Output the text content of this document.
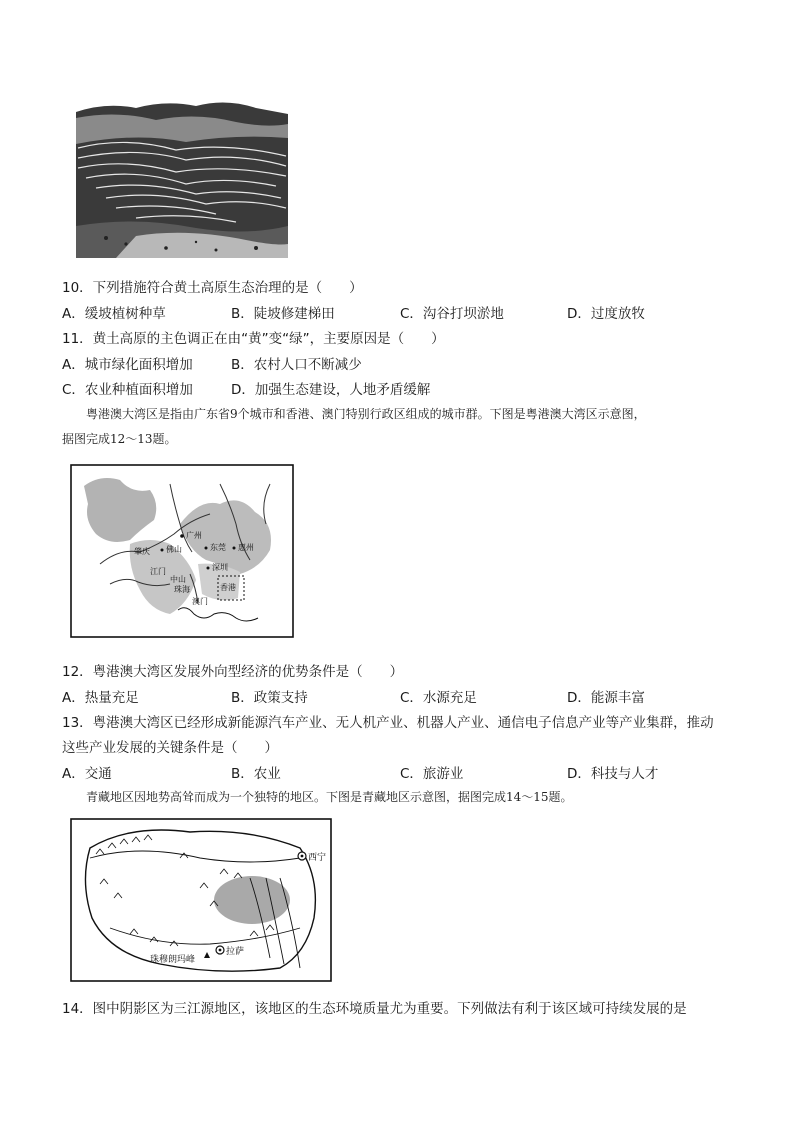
10．下列措施符合黄土高原生态治理的是（　　）
A．缓坡植树种草	B．陡坡修建梯田	C．沟谷打坝淤地	D．过度放牧
11．黄土高原的主色调正在由“黄”变“绿”，主要原因是（　　）
A．城市绿化面积增加	B．农村人口不断减少
C．农业种植面积增加	D．加强生态建设，人地矛盾缓解
粤港澳大湾区是指由广东省9个城市和香港、澳门特别行政区组成的城市群。下图是粤港澳大湾区示意图，
据图完成12～13题。
广州
东莞 惠州
肇庆 佛山
江门
中山
深圳
珠海	香港
澳门
12．粤港澳大湾区发展外向型经济的优势条件是（　　）
A．热量充足	B．政策支持	C．水源充足	D．能源丰富
13．粤港澳大湾区已经形成新能源汽车产业、无人机产业、机器人产业、通信电子信息产业等产业集群，推动
这些产业发展的关键条件是（　　）
A．交通	B．农业	C．旅游业	D．科技与人才
青藏地区因地势高耸而成为一个独特的地区。下图是青藏地区示意图，据图完成14～15题。
西宁
拉萨
珠穆朗玛峰
14．图中阴影区为三江源地区，该地区的生态环境质量尤为重要。下列做法有利于该区域可持续发展的是
